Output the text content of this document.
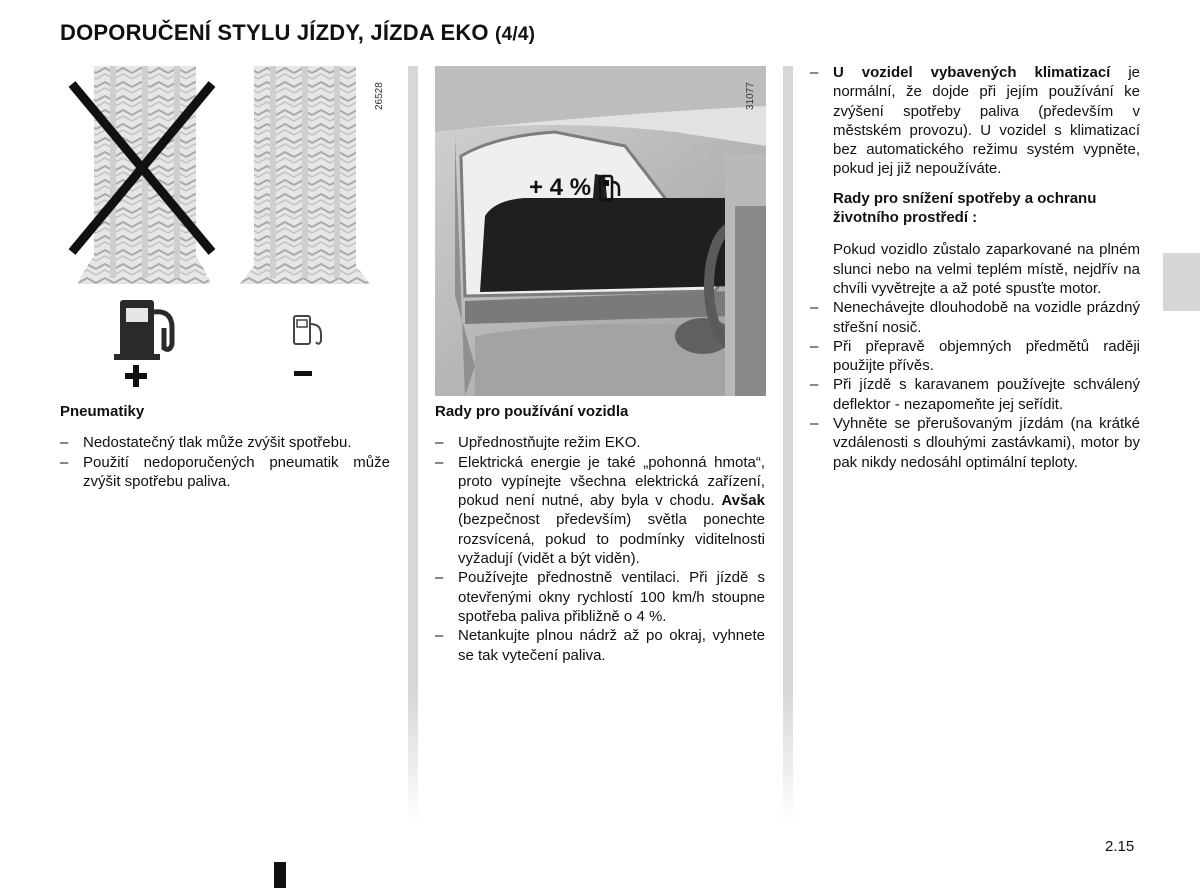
DOPORUČENÍ STYLU JÍZDY, JÍZDA EKO (4/4)
26528
+ 4 %
31077
Pneumatiky
– Nedostatečný tlak může zvýšit spotřebu.
– Použití nedoporučených pneumatik může zvýšit spotřebu paliva.
Rady pro používání vozidla
– Upřednostňujte režim EKO.
– Elektrická energie je také „pohonná hmota“, proto vypínejte všechna elektrická zařízení, pokud není nutné, aby byla v chodu. Avšak (bezpečnost především) světla ponechte rozsvícená, pokud to podmínky viditelnosti vyžadují (vidět a být viděn).
– Používejte přednostně ventilaci. Při jízdě s otevřenými okny rychlostí 100 km/h stoupne spotřeba paliva přibližně o 4 %.
– Netankujte plnou nádrž až po okraj, vyhnete se tak vytečení paliva.
– U vozidel vybavených klimatizací je normální, že dojde při jejím používání ke zvýšení spotřeby paliva (především v městském provozu). U vozidel s klimatizací bez automatického režimu systém vypněte, pokud jej již nepoužíváte.
Rady pro snížení spotřeby a ochranu životního prostředí :

Pokud vozidlo zůstalo zaparkované na plném slunci nebo na velmi teplém místě, nejdřív na chvíli vyvětrejte a až poté spusťte motor.

– Nenechávejte dlouhodobě na vozidle prázdný střešní nosič.
– Při přepravě objemných předmětů raději použijte přívěs.
– Při jízdě s karavanem používejte schválený deflektor - nezapomeňte jej seřídit.
– Vyhněte se přerušovaným jízdám (na krátké vzdálenosti s dlouhými zastávkami), motor by pak nikdy nedosáhl optimální teploty.
2.15
